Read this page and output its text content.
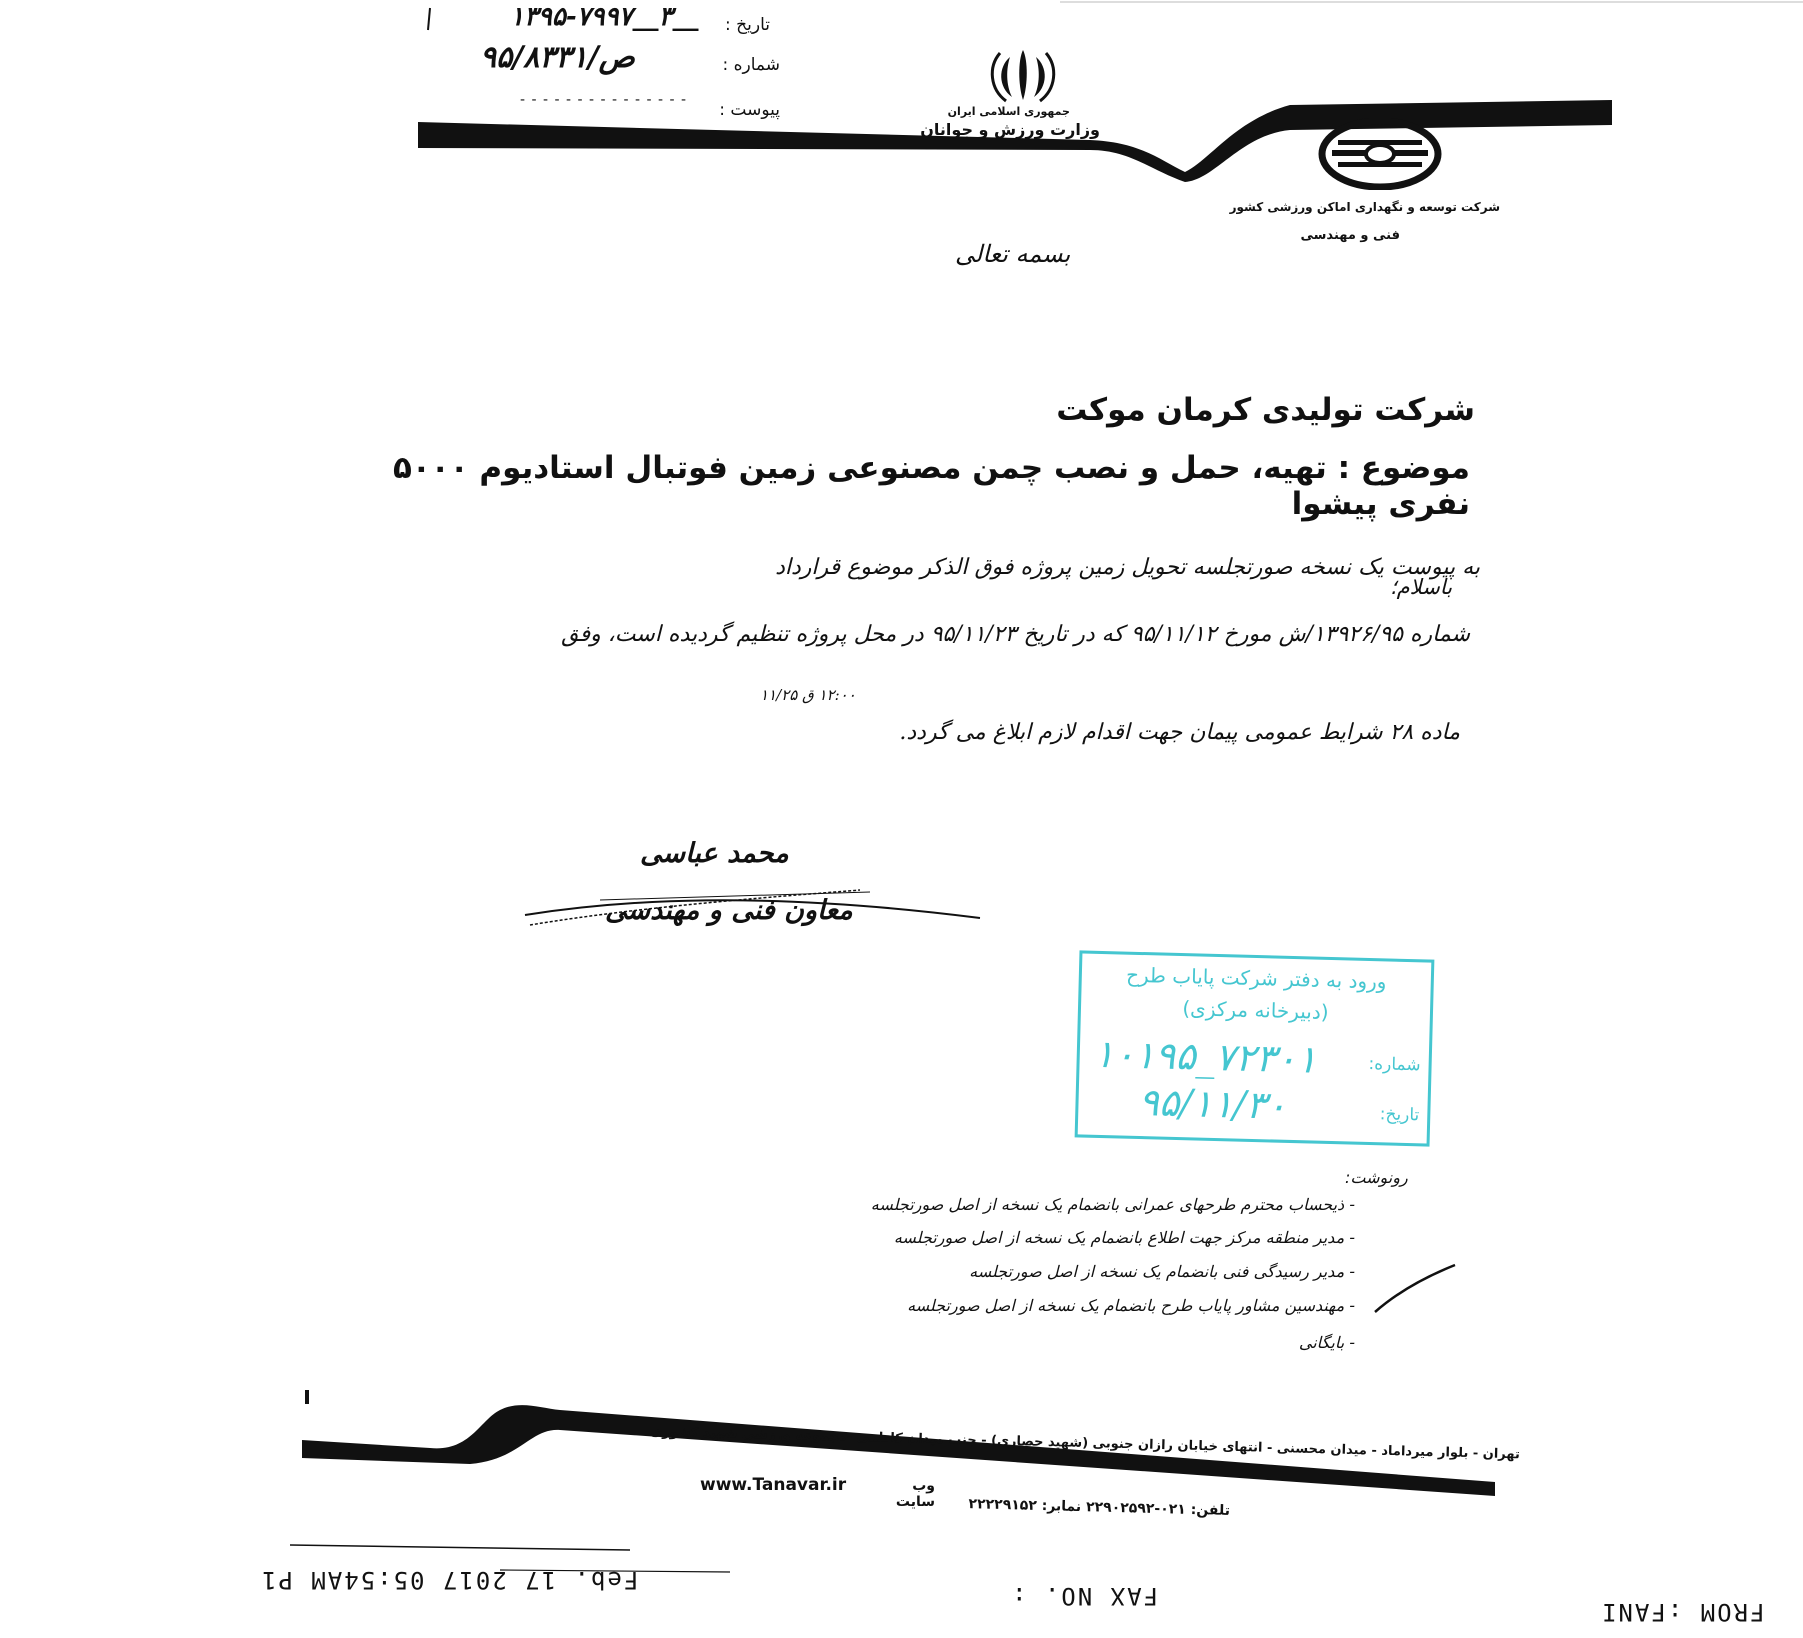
تاریخ :
۱۳۹۵-۷۹۹۷__۳__
شماره :
۹۵/۸۳۳۱/ص
پیوست :
- - - - - - - - - - - - - - -
جمهوری اسلامی ایران
وزارت ورزش و جوانان
شرکت توسعه و نگهداری اماکن ورزشی کشور
فنی و مهندسی
بسمه تعالی
شرکت تولیدی کرمان موکت
موضوع : تهیه، حمل و نصب چمن مصنوعی زمین فوتبال استادیوم ۵۰۰۰ نفری پیشوا
باسلام؛
به پیوست یک نسخه صورتجلسه تحویل زمین پروژه فوق الذکر موضوع قرارداد
شماره ۱۳۹۲۶/۹۵/ش مورخ ۹۵/۱۱/۱۲ که در تاریخ ۹۵/۱۱/۲۳ در محل پروژه تنظیم گردیده است، وفق
ماده ۲۸ شرایط عمومی پیمان جهت اقدام لازم ابلاغ می گردد.
۱۲:۰۰ ق ۱۱/۲۵
محمد عباسی
معاون فنی و مهندسی
ورود به دفتر شرکت پایاب طرح
(دبیرخانه مرکزی)
شماره:
۱۰۱۹۵_۷۲۳۰۱
تاریخ:
۹۵/۱۱/۳۰
رونوشت:
- ذیحساب محترم طرحهای عمرانی بانضمام یک نسخه از اصل صورتجلسه
- مدیر منطقه مرکز جهت اطلاع بانضمام یک نسخه از اصل صورتجلسه
- مدیر رسیدگی فنی بانضمام یک نسخه از اصل صورتجلسه
- مهندسین مشاور پایاب طرح بانضمام یک نسخه از اصل صورتجلسه
- بایگانی
تهران - بلوار میرداماد - میدان محسنی - انتهای خیابان رازان جنوبی (شهید حصاری) - جنب میدان کاظمی -مجموعه ورزشی شهید کشوری
تلفن: ۰۲۱-۲۲۹۰۲۵۹۲ نمابر: ۲۲۲۲۹۱۵۲
وب سایت
www.Tanavar.ir
FROM :FANI
FAX NO. :
Feb. 17 2017 05:54AM P1
